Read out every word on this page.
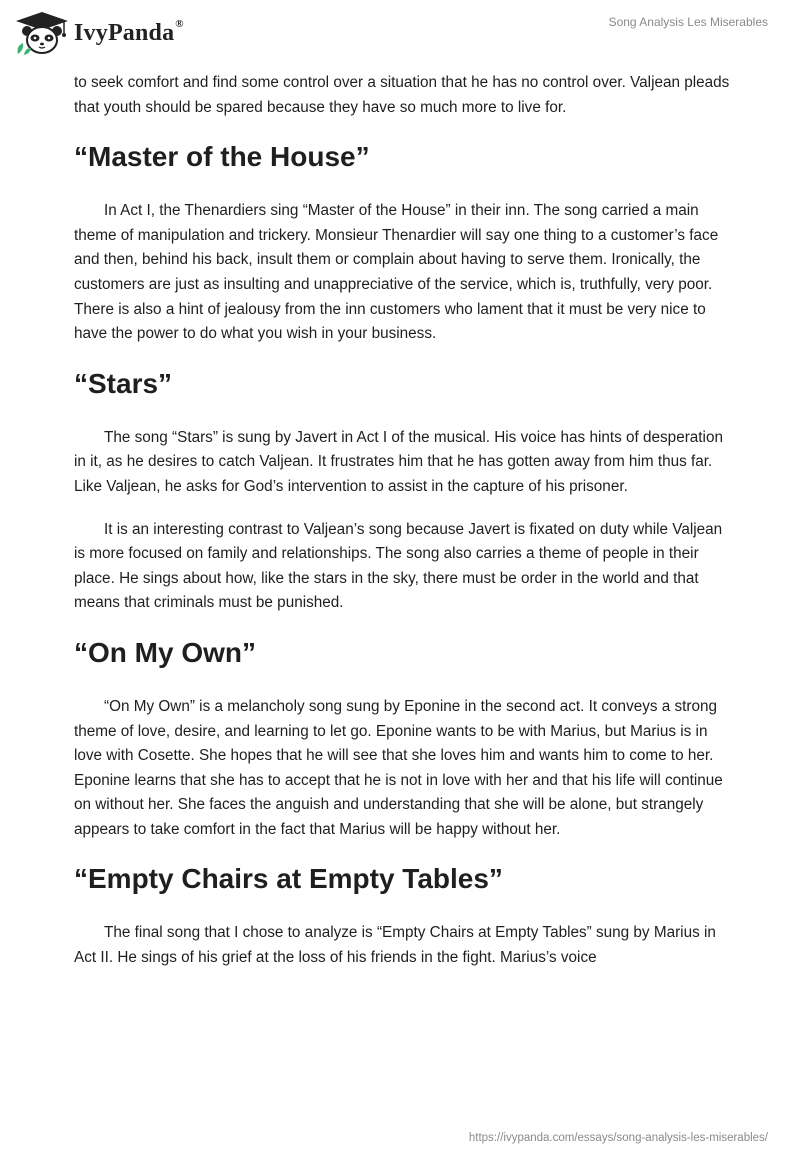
IvyPanda®	Song Analysis Les Miserables

to seek comfort and find some control over a situation that he has no control over. Valjean pleads that youth should be spared because they have so much more to live for.

“Master of the House”

In Act I, the Thenardiers sing “Master of the House” in their inn. The song carried a main theme of manipulation and trickery. Monsieur Thenardier will say one thing to a customer’s face and then, behind his back, insult them or complain about having to serve them. Ironically, the customers are just as insulting and unappreciative of the service, which is, truthfully, very poor. There is also a hint of jealousy from the inn customers who lament that it must be very nice to have the power to do what you wish in your business.

“Stars”

The song “Stars” is sung by Javert in Act I of the musical. His voice has hints of desperation in it, as he desires to catch Valjean. It frustrates him that he has gotten away from him thus far. Like Valjean, he asks for God’s intervention to assist in the capture of his prisoner.

It is an interesting contrast to Valjean’s song because Javert is fixated on duty while Valjean is more focused on family and relationships. The song also carries a theme of people in their place. He sings about how, like the stars in the sky, there must be order in the world and that means that criminals must be punished.

“On My Own”

“On My Own” is a melancholy song sung by Eponine in the second act. It conveys a strong theme of love, desire, and learning to let go. Eponine wants to be with Marius, but Marius is in love with Cosette. She hopes that he will see that she loves him and wants him to come to her. Eponine learns that she has to accept that he is not in love with her and that his life will continue on without her. She faces the anguish and understanding that she will be alone, but strangely appears to take comfort in the fact that Marius will be happy without her.

“Empty Chairs at Empty Tables”

The final song that I chose to analyze is “Empty Chairs at Empty Tables” sung by Marius in Act II. He sings of his grief at the loss of his friends in the fight. Marius’s voice

https://ivypanda.com/essays/song-analysis-les-miserables/
